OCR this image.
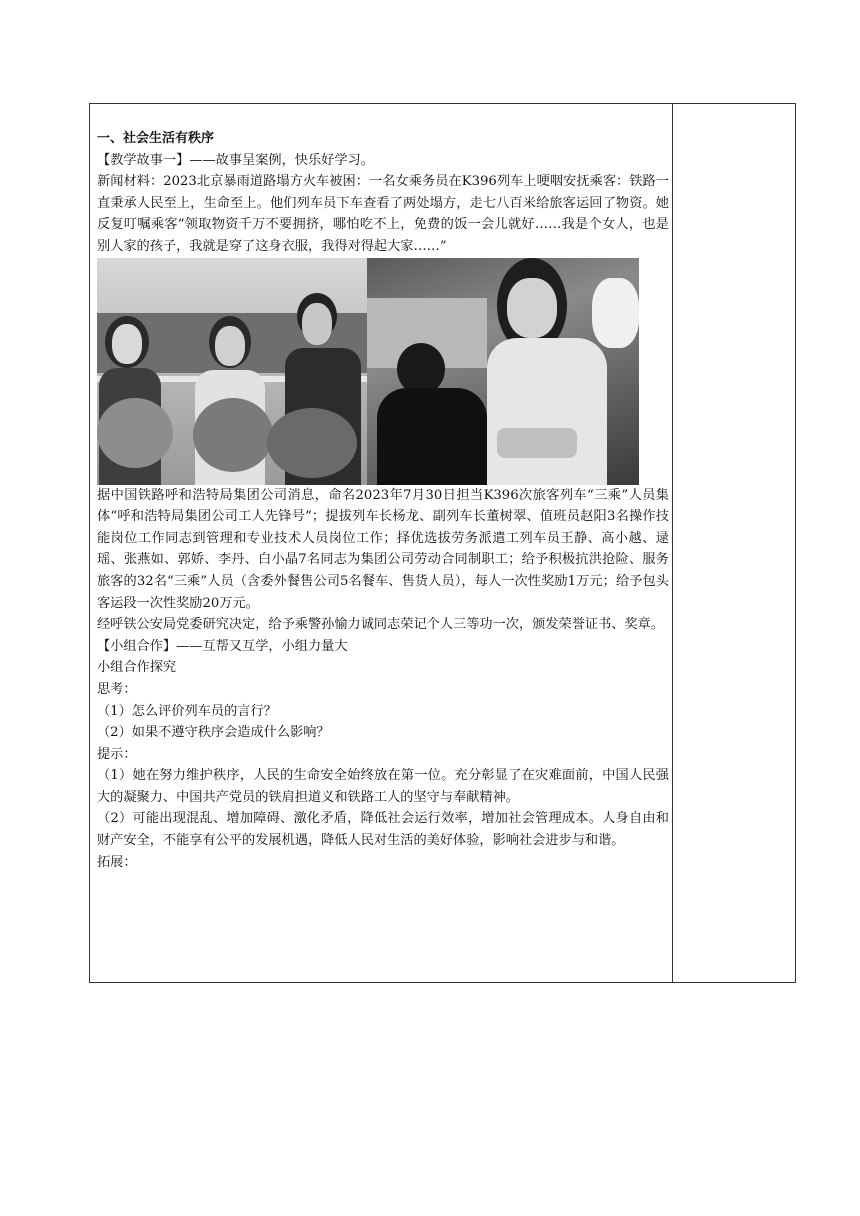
一、社会生活有秩序

【教学故事一】——故事呈案例，快乐好学习。

新闻材料：2023北京暴雨道路塌方火车被困：一名女乘务员在K396列车上哽咽安抚乘客：铁路一直秉承人民至上，生命至上。他们列车员下车查看了两处塌方，走七八百米给旅客运回了物资。她反复叮嘱乘客“领取物资千万不要拥挤，哪怕吃不上，免费的饭一会儿就好……我是个女人，也是别人家的孩子，我就是穿了这身衣服，我得对得起大家……”

据中国铁路呼和浩特局集团公司消息，命名2023年7月30日担当K396次旅客列车“三乘”人员集体“呼和浩特局集团公司工人先锋号”；提拔列车长杨龙、副列车长董树翠、值班员赵阳3名操作技能岗位工作同志到管理和专业技术人员岗位工作；择优选拔劳务派遣工列车员王静、高小越、逯瑶、张燕如、郭娇、李丹、白小晶7名同志为集团公司劳动合同制职工；给予积极抗洪抢险、服务旅客的32名“三乘”人员（含委外餐售公司5名餐车、售货人员），每人一次性奖励1万元；给予包头客运段一次性奖励20万元。

经呼铁公安局党委研究决定，给予乘警孙愉力诚同志荣记个人三等功一次，颁发荣誉证书、奖章。

【小组合作】——互帮又互学，小组力量大

小组合作探究

思考：

（1）怎么评价列车员的言行？

（2）如果不遵守秩序会造成什么影响？

提示：

（1）她在努力维护秩序，人民的生命安全始终放在第一位。充分彰显了在灾难面前，中国人民强大的凝聚力、中国共产党员的铁肩担道义和铁路工人的坚守与奉献精神。

（2）可能出现混乱、增加障碍、激化矛盾，降低社会运行效率，增加社会管理成本。人身自由和财产安全，不能享有公平的发展机遇，降低人民对生活的美好体验，影响社会进步与和谐。

拓展：
